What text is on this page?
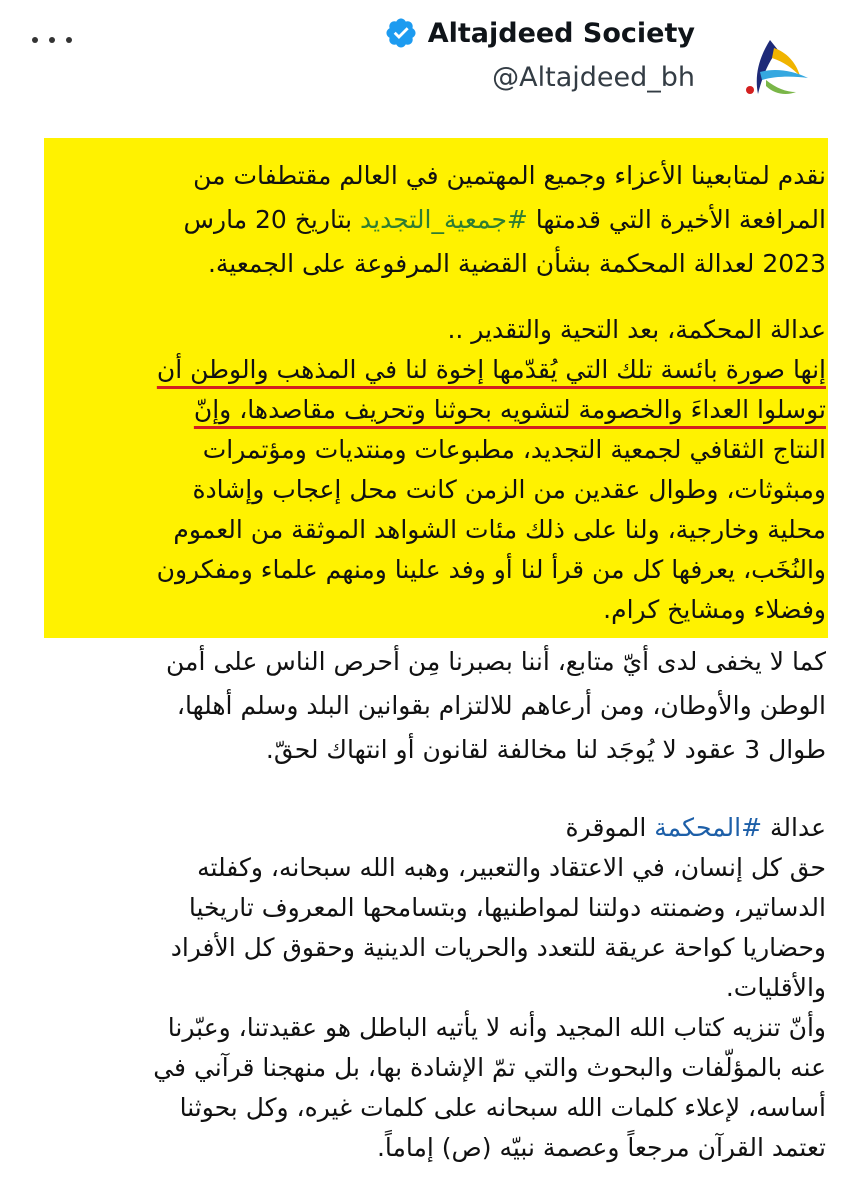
Altajdeed Society
@Altajdeed_bh
نقدم لمتابعينا الأعزاء وجميع المهتمين في العالم مقتطفات من
المرافعة الأخيرة التي قدمتها #جمعية_التجديد بتاريخ 20 مارس
2023 لعدالة المحكمة بشأن القضية المرفوعة على الجمعية.
عدالة المحكمة، بعد التحية والتقدير ..
إنها صورة بائسة تلك التي يُقدّمها إخوة لنا في المذهب والوطن أن
توسلوا العداءَ والخصومة لتشويه بحوثنا وتحريف مقاصدها، وإنّ
النتاج الثقافي لجمعية التجديد، مطبوعات ومنتديات ومؤتمرات
ومبثوثات، وطوال عقدين من الزمن كانت محل إعجاب وإشادة
محلية وخارجية، ولنا على ذلك مئات الشواهد الموثقة من العموم
والنُخَب، يعرفها كل من قرأ لنا أو وفد علينا ومنهم علماء ومفكرون
وفضلاء ومشايخ كرام.
كما لا يخفى لدى أيّ متابع، أننا بصبرنا مِن أحرص الناس على أمن
الوطن والأوطان، ومن أرعاهم للالتزام بقوانين البلد وسلم أهلها،
طوال 3 عقود لا يُوجَد لنا مخالفة لقانون أو انتهاك لحقّ.
عدالة #المحكمة الموقرة
حق كل إنسان، في الاعتقاد والتعبير، وهبه الله سبحانه، وكفلته
الدساتير، وضمنته دولتنا لمواطنيها، وبتسامحها المعروف تاريخيا
وحضاريا كواحة عريقة للتعدد والحريات الدينية وحقوق كل الأفراد
والأقليات.
وأنّ تنزيه كتاب الله المجيد وأنه لا يأتيه الباطل هو عقيدتنا، وعبّرنا
عنه بالمؤلّفات والبحوث والتي تمّ الإشادة بها، بل منهجنا قرآني في
أساسه، لإعلاء كلمات الله سبحانه على كلمات غيره، وكل بحوثنا
تعتمد القرآن مرجعاً وعصمة نبيّه (ص) إماماً.
